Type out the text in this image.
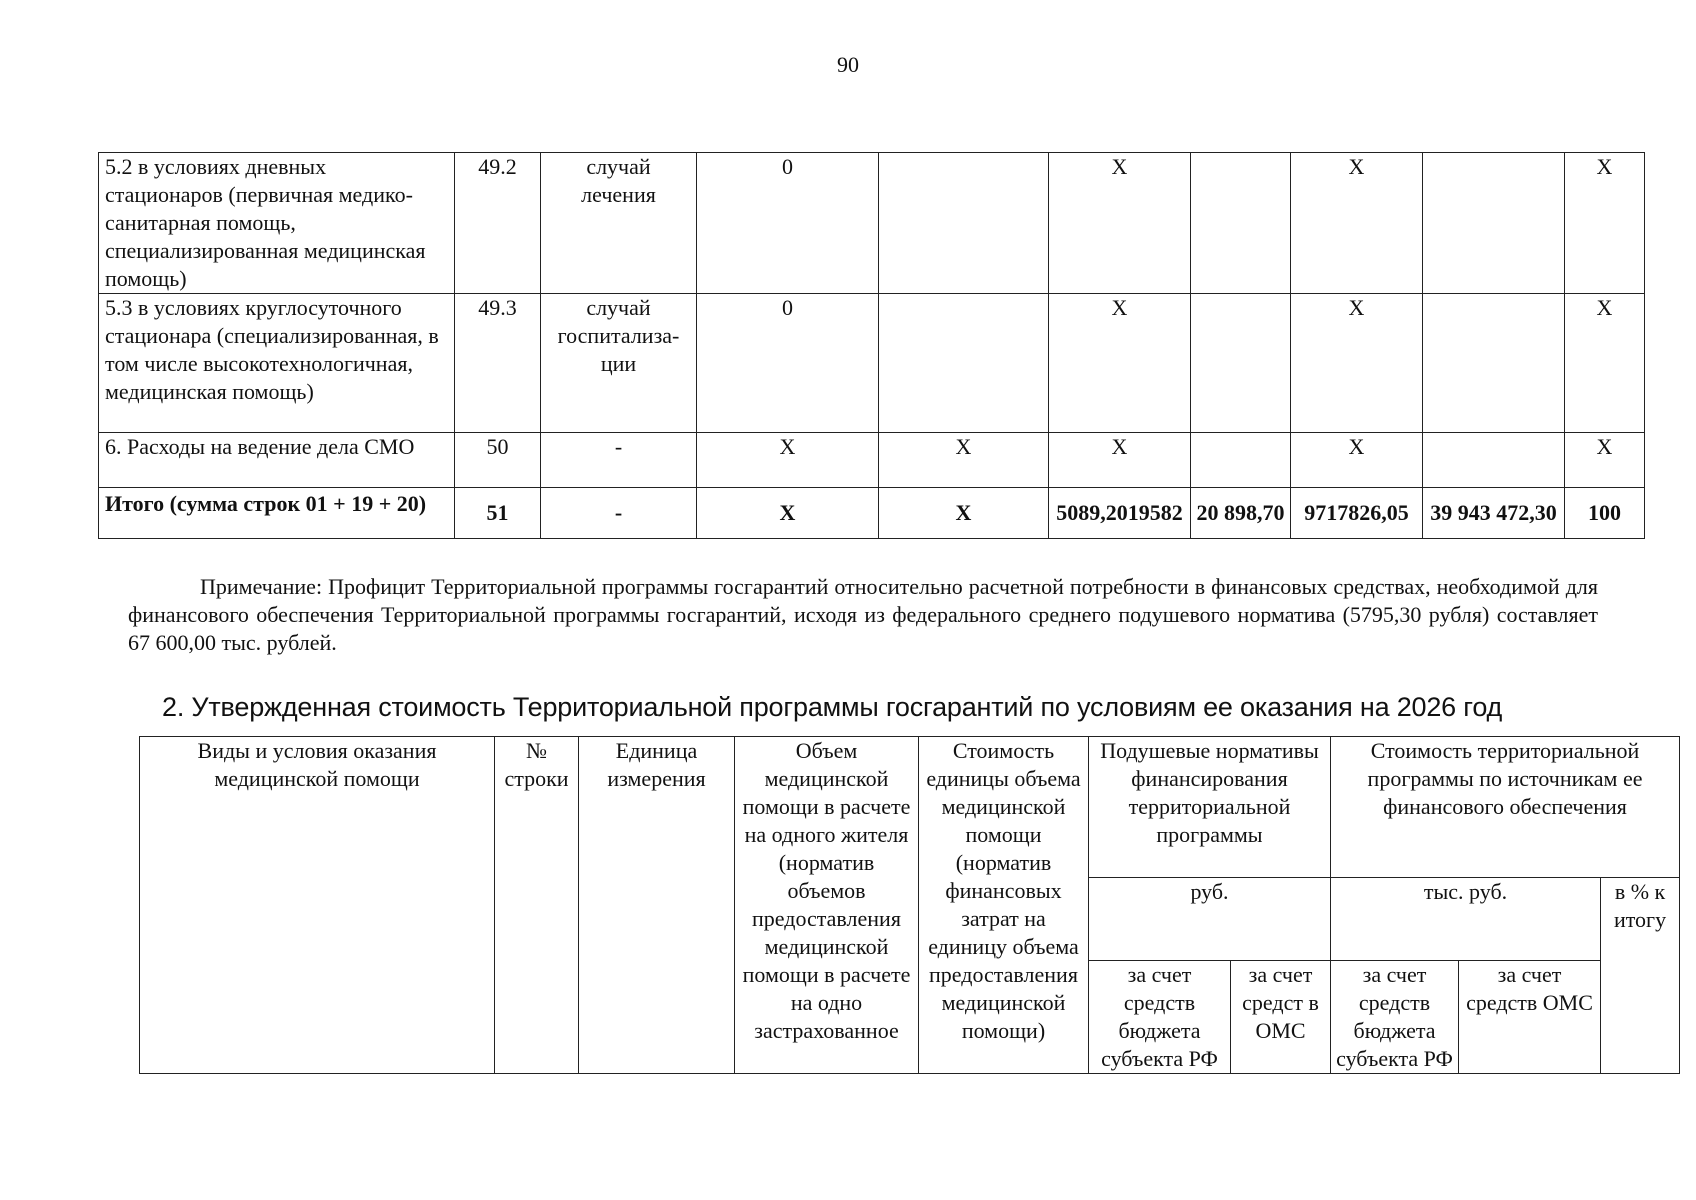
90
5.2 в условиях дневных стационаров (первичная медико-санитарная помощь, специализированная медицинская помощь)	49.2	случай лечения	0		X		X		X
5.3 в условиях круглосуточного стационара (специализированная, в том числе высокотехнологичная, медицинская помощь)	49.3	случай госпитализа-ции	0		X		X		X
6. Расходы на ведение дела СМО	50	-	X	X	X		X		X
Итого (сумма строк 01 + 19 + 20)	51	-	X	X	5089,2019582	20 898,70	9717826,05	39 943 472,30	100
Примечание: Профицит Территориальной программы госгарантий относительно расчетной потребности в финансовых средствах, необходимой для финансового обеспечения Территориальной программы госгарантий, исходя из федерального среднего подушевого норматива (5795,30 рубля) составляет 67 600,00 тыс. рублей.
2. Утвержденная стоимость Территориальной программы госгарантий по условиям ее оказания на 2026 год
Виды и условия оказания медицинской помощи	№ строки	Единица измерения	Объем медицинской помощи в расчете на одного жителя (норматив объемов предоставления медицинской помощи в расчете на одно застрахованное	Стоимость единицы объема медицинской помощи (норматив финансовых затрат на единицу объема предоставления медицинской помощи)	Подушевые нормативы финансирования территориальной программы		Стоимость территориальной программы по источникам ее финансового обеспечения		
					руб.		тыс. руб.		в % к итогу
					за счет средств бюджета субъекта РФ	за счет средст в ОМС	за счет средств бюджета субъекта РФ	за счет средств ОМС	
